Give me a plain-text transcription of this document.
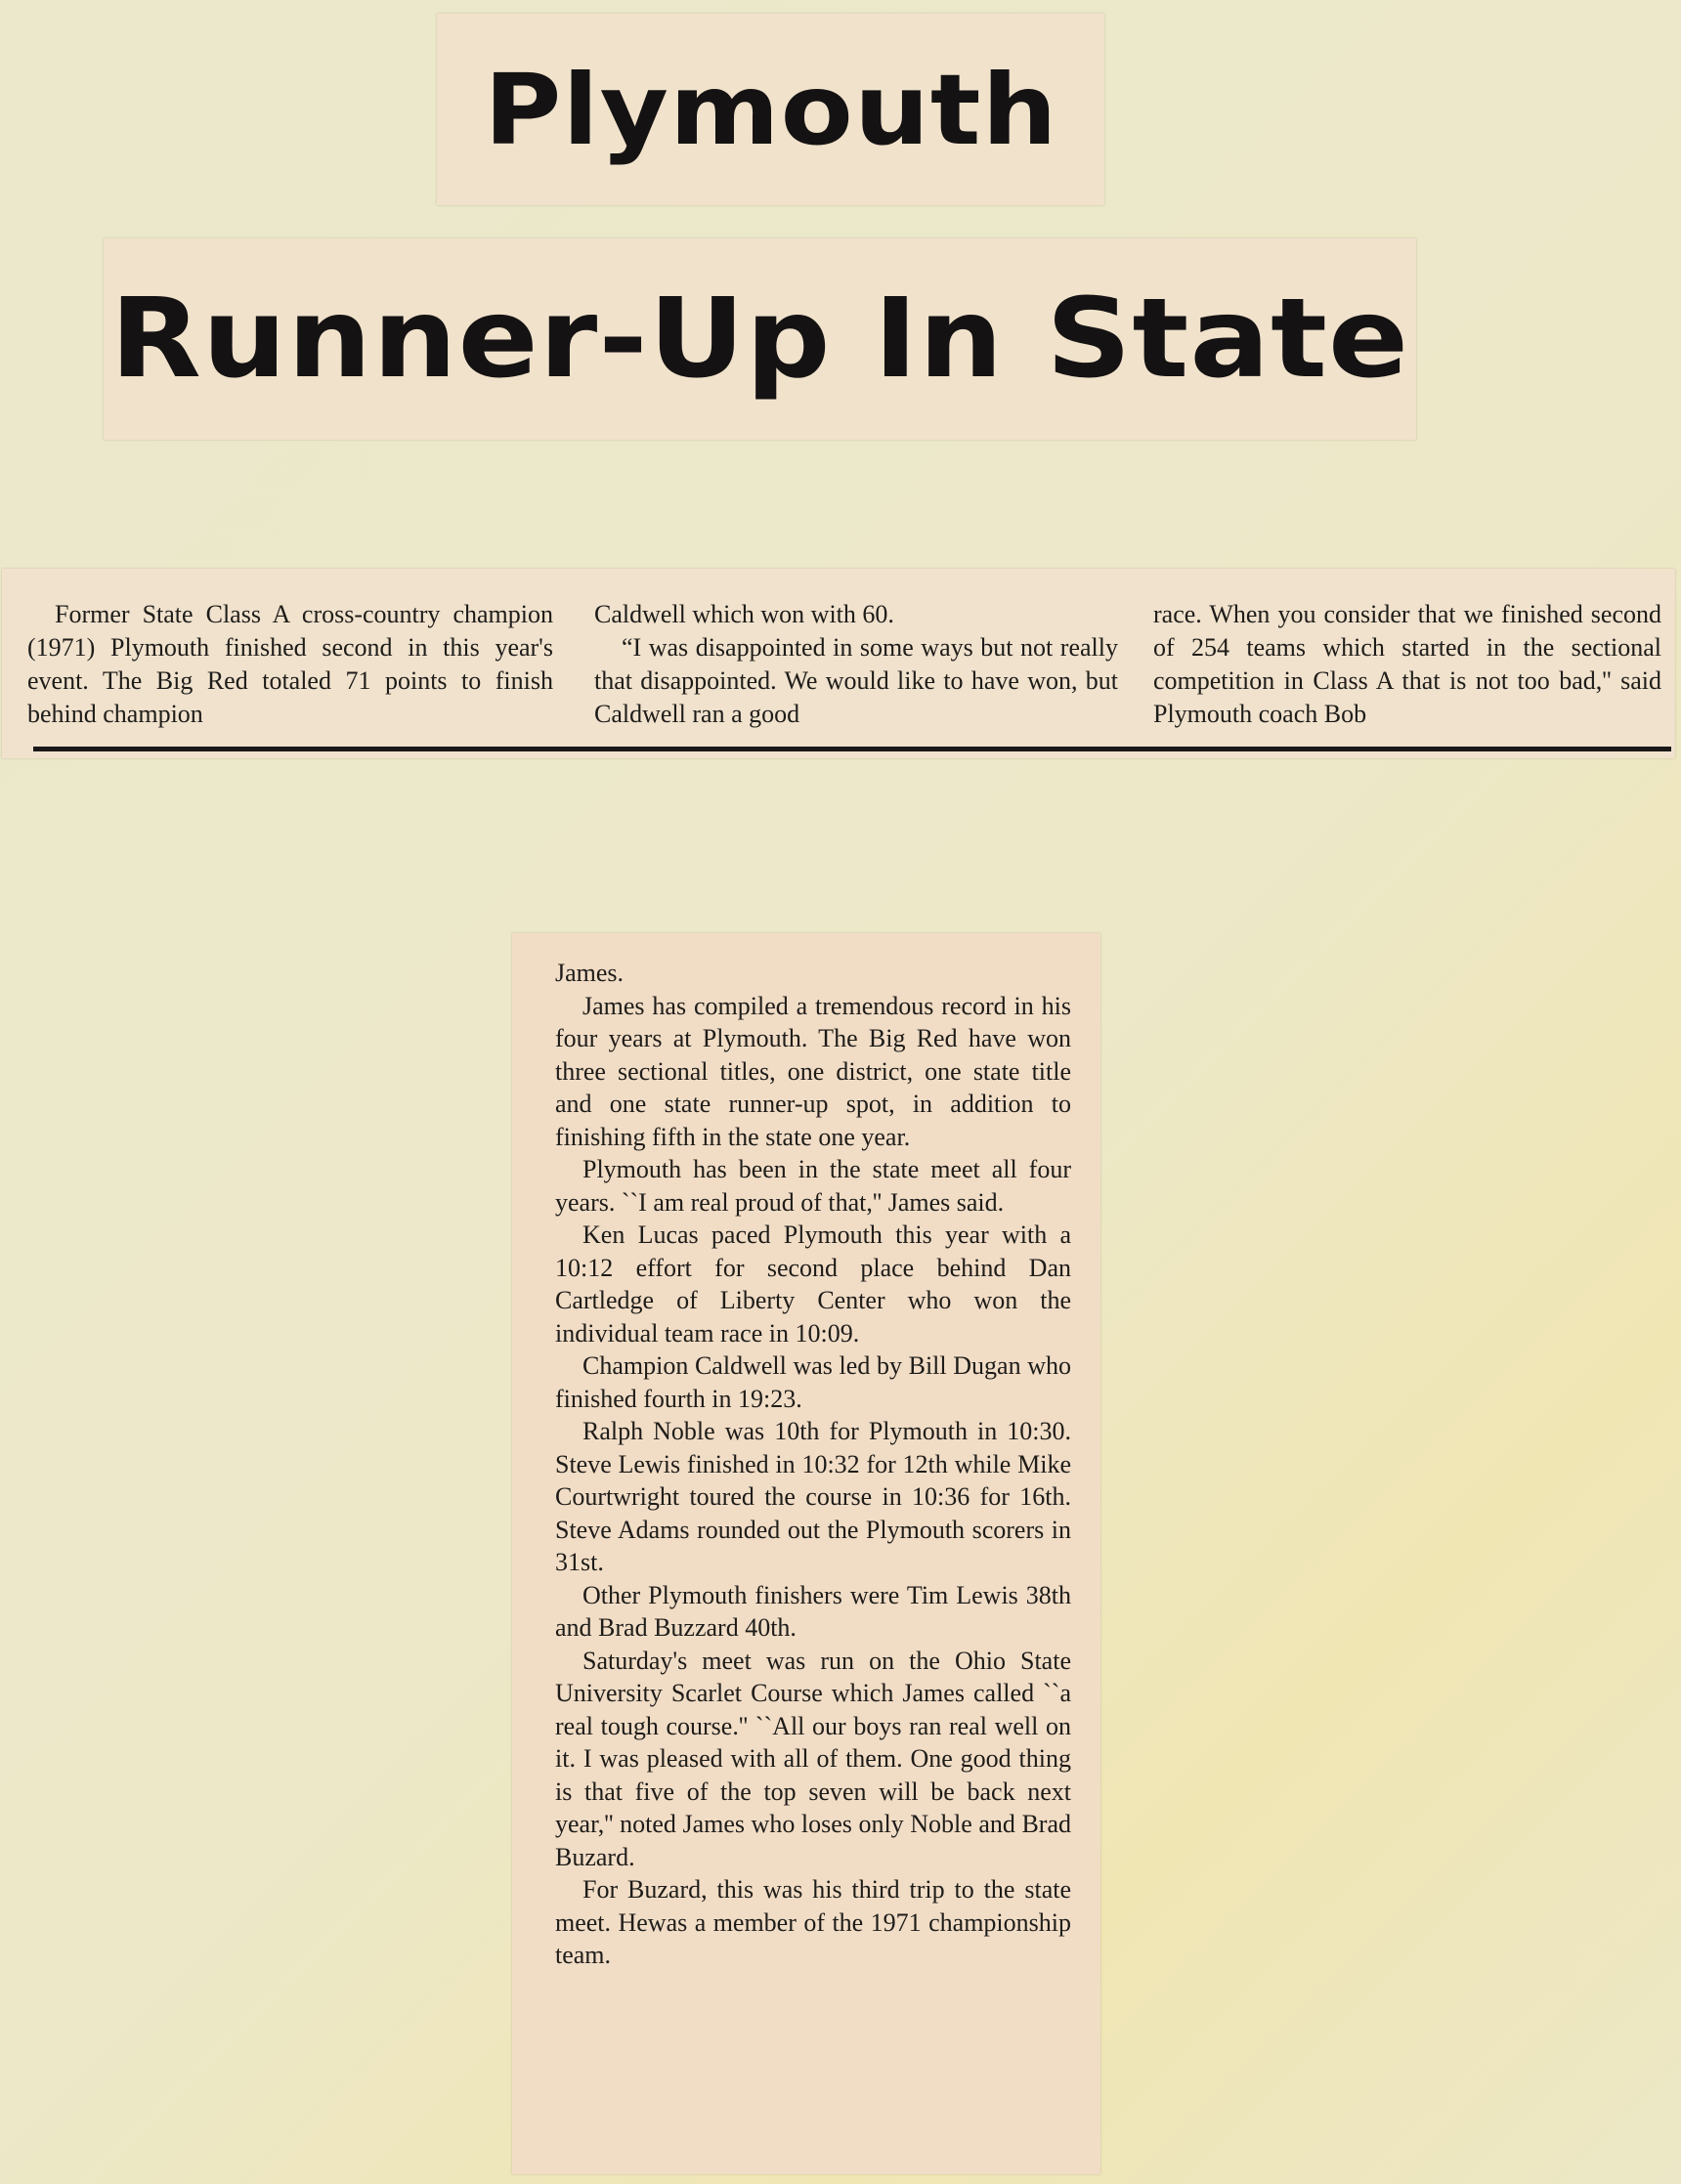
Plymouth
Runner-Up In State

Former State Class A cross-country champion (1971) Plymouth finished second in this year's event. The Big Red totaled 71 points to finish behind champion

Caldwell which won with 60.

“I was disappointed in some ways but not really that disappointed. We would like to have won, but Caldwell ran a good

race. When you consider that we finished second of 254 teams which started in the sectional competition in Class A that is not too bad,'' said Plymouth coach Bob

James.

James has compiled a tremendous record in his four years at Plymouth. The Big Red have won three sectional titles, one district, one state title and one state runner-up spot, in addition to finishing fifth in the state one year.

Plymouth has been in the state meet all four years. ``I am real proud of that,'' James said.

Ken Lucas paced Plymouth this year with a 10:12 effort for second place behind Dan Cartledge of Liberty Center who won the individual team race in 10:09.

Champion Caldwell was led by Bill Dugan who finished fourth in 19:23.

Ralph Noble was 10th for Plymouth in 10:30. Steve Lewis finished in 10:32 for 12th while Mike Courtwright toured the course in 10:36 for 16th. Steve Adams rounded out the Plymouth scorers in 31st.

Other Plymouth finishers were Tim Lewis 38th and Brad Buzzard 40th.

Saturday's meet was run on the Ohio State University Scarlet Course which James called ``a real tough course.'' ``All our boys ran real well on it. I was pleased with all of them. One good thing is that five of the top seven will be back next year,'' noted James who loses only Noble and Brad Buzard.

For Buzard, this was his third trip to the state meet. Hewas a member of the 1971 championship team.
